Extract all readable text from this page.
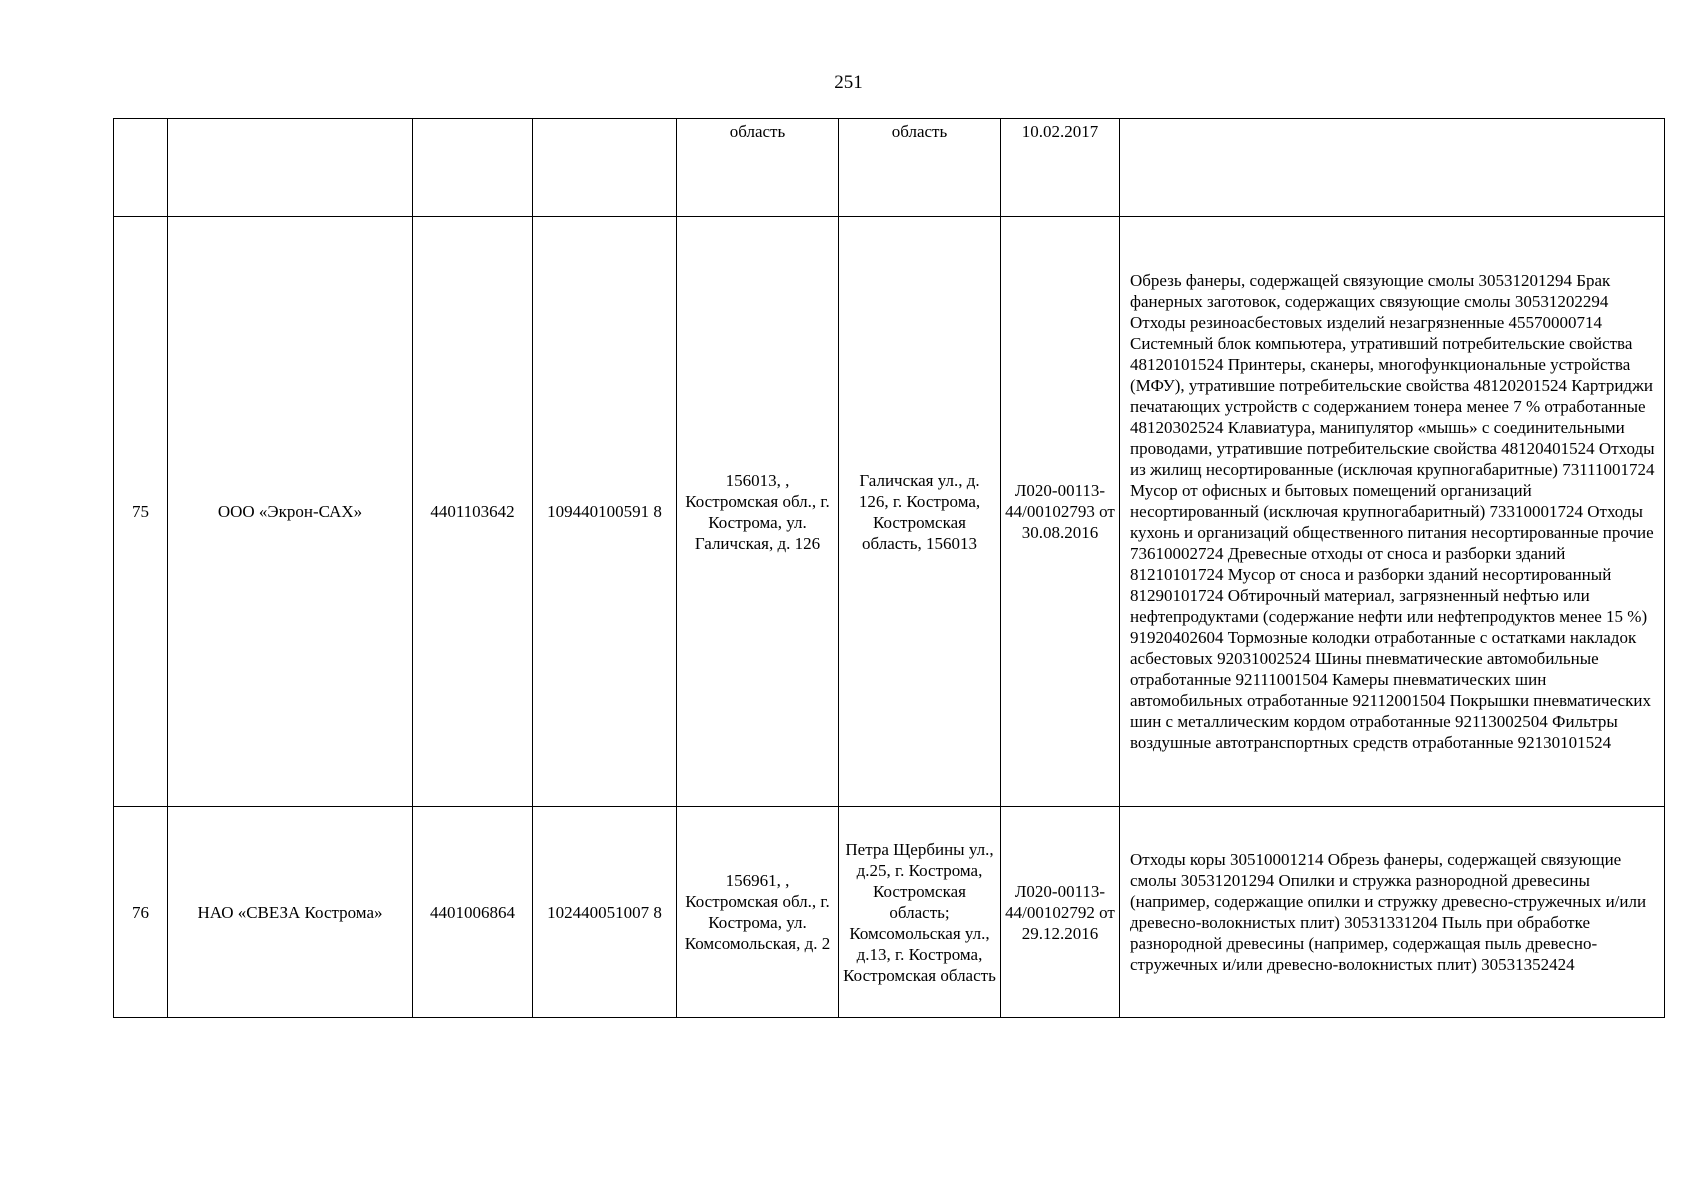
251
				область	область	10.02.2017	
75	ООО «Экрон-САХ»	4401103642	109440100591 8	156013, , Костромская обл., г. Кострома, ул. Галичская, д. 126	Галичская ул., д. 126, г. Кострома, Костромская область, 156013	Л020-00113-44/00102793 от 30.08.2016	Обрезь фанеры, содержащей связующие смолы 30531201294 Брак фанерных заготовок, содержащих связующие смолы 30531202294 Отходы резиноасбестовых изделий незагрязненные 45570000714 Системный блок компьютера, утративший потребительские свойства 48120101524 Принтеры, сканеры, многофункциональные устройства (МФУ), утратившие потребительские свойства 48120201524 Картриджи печатающих устройств с содержанием тонера менее 7 % отработанные 48120302524 Клавиатура, манипулятор «мышь» с соединительными проводами, утратившие потребительские свойства 48120401524 Отходы из жилищ несортированные (исключая крупногабаритные) 73111001724 Мусор от офисных и бытовых помещений организаций несортированный (исключая крупногабаритный) 73310001724 Отходы кухонь и организаций общественного питания несортированные прочие 73610002724 Древесные отходы от сноса и разборки зданий 81210101724 Мусор от сноса и разборки зданий несортированный 81290101724 Обтирочный материал, загрязненный нефтью или нефтепродуктами (содержание нефти или нефтепродуктов менее 15 %) 91920402604 Тормозные колодки отработанные с остатками накладок асбестовых 92031002524 Шины пневматические автомобильные отработанные 92111001504 Камеры пневматических шин автомобильных отработанные 92112001504 Покрышки пневматических шин с металлическим кордом отработанные 92113002504 Фильтры воздушные автотранспортных средств отработанные 92130101524
76	НАО «СВЕЗА Кострома»	4401006864	102440051007 8	156961, , Костромская обл., г. Кострома, ул. Комсомольская, д. 2	Петра Щербины ул., д.25, г. Кострома, Костромская область; Комсомольская ул., д.13, г. Кострома, Костромская область	Л020-00113-44/00102792 от 29.12.2016	Отходы коры 30510001214 Обрезь фанеры, содержащей связующие смолы 30531201294 Опилки и стружка разнородной древесины (например, содержащие опилки и стружку древесно-стружечных и/или древесно-волокнистых плит) 30531331204 Пыль при обработке разнородной древесины (например, содержащая пыль древесно-стружечных и/или древесно-волокнистых плит) 30531352424
